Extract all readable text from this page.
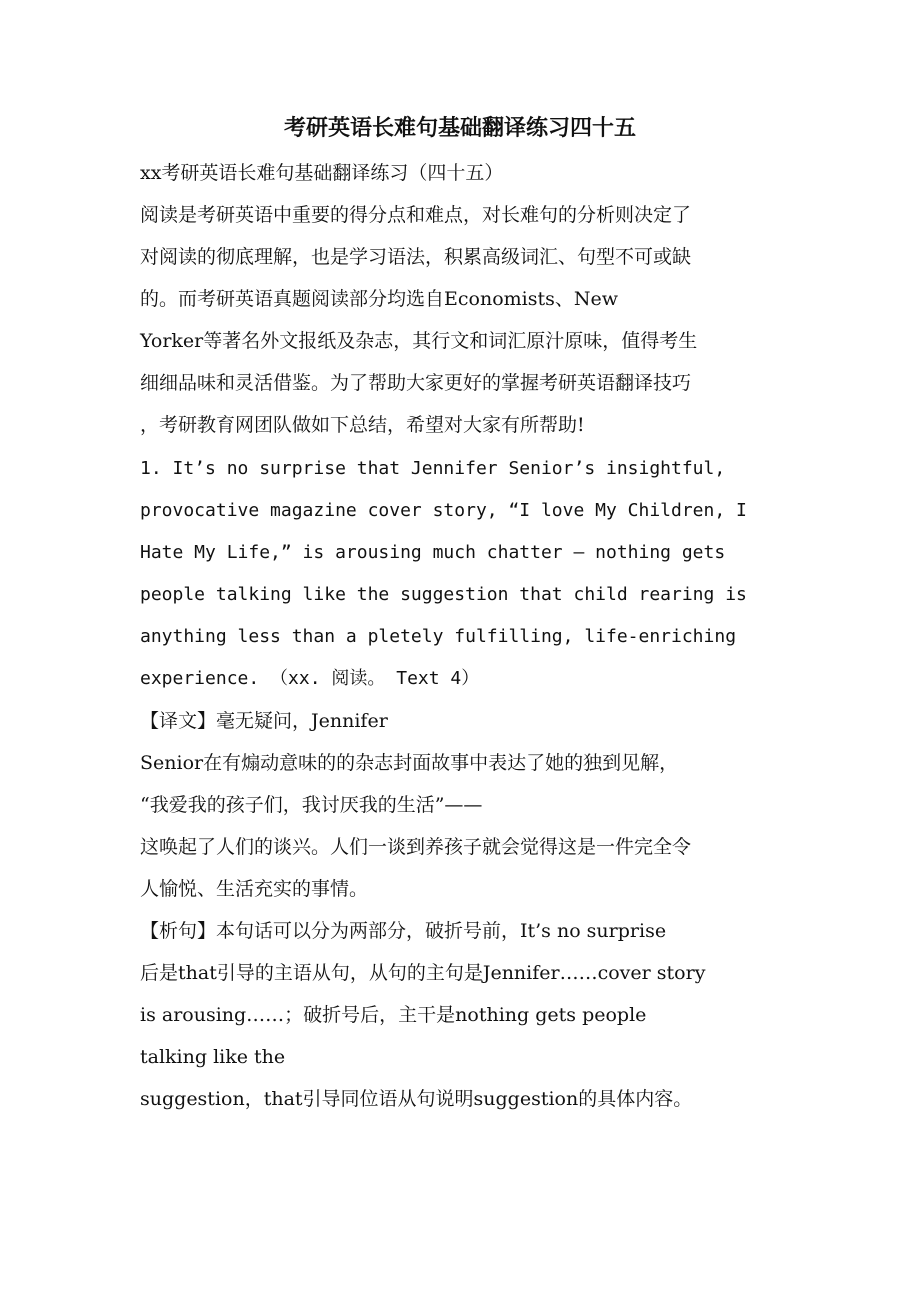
考研英语长难句基础翻译练习四十五
xx考研英语长难句基础翻译练习（四十五）
阅读是考研英语中重要的得分点和难点，对长难句的分析则决定了
对阅读的彻底理解，也是学习语法，积累高级词汇、句型不可或缺
的。而考研英语真题阅读部分均选自Economists、New
Yorker等著名外文报纸及杂志，其行文和词汇原汁原味，值得考生
细细品味和灵活借鉴。为了帮助大家更好的掌握考研英语翻译技巧
，考研教育网团队做如下总结，希望对大家有所帮助!
1. It’s no surprise that Jennifer Senior’s insightful,
provocative magazine cover story, “I love My Children, I
Hate My Life,” is arousing much chatter – nothing gets
people talking like the suggestion that child rearing is
anything less than a pletely fulfilling, life-enriching
experience. （xx. 阅读。 Text 4）
【译文】毫无疑问，Jennifer
Senior在有煽动意味的的杂志封面故事中表达了她的独到见解，
“我爱我的孩子们，我讨厌我的生活”——
这唤起了人们的谈兴。人们一谈到养孩子就会觉得这是一件完全令
人愉悦、生活充实的事情。
【析句】本句话可以分为两部分，破折号前，It’s no surprise
后是that引导的主语从句，从句的主句是Jennifer……cover story
is arousing……；破折号后，主干是nothing gets people
talking like the
suggestion，that引导同位语从句说明suggestion的具体内容。
